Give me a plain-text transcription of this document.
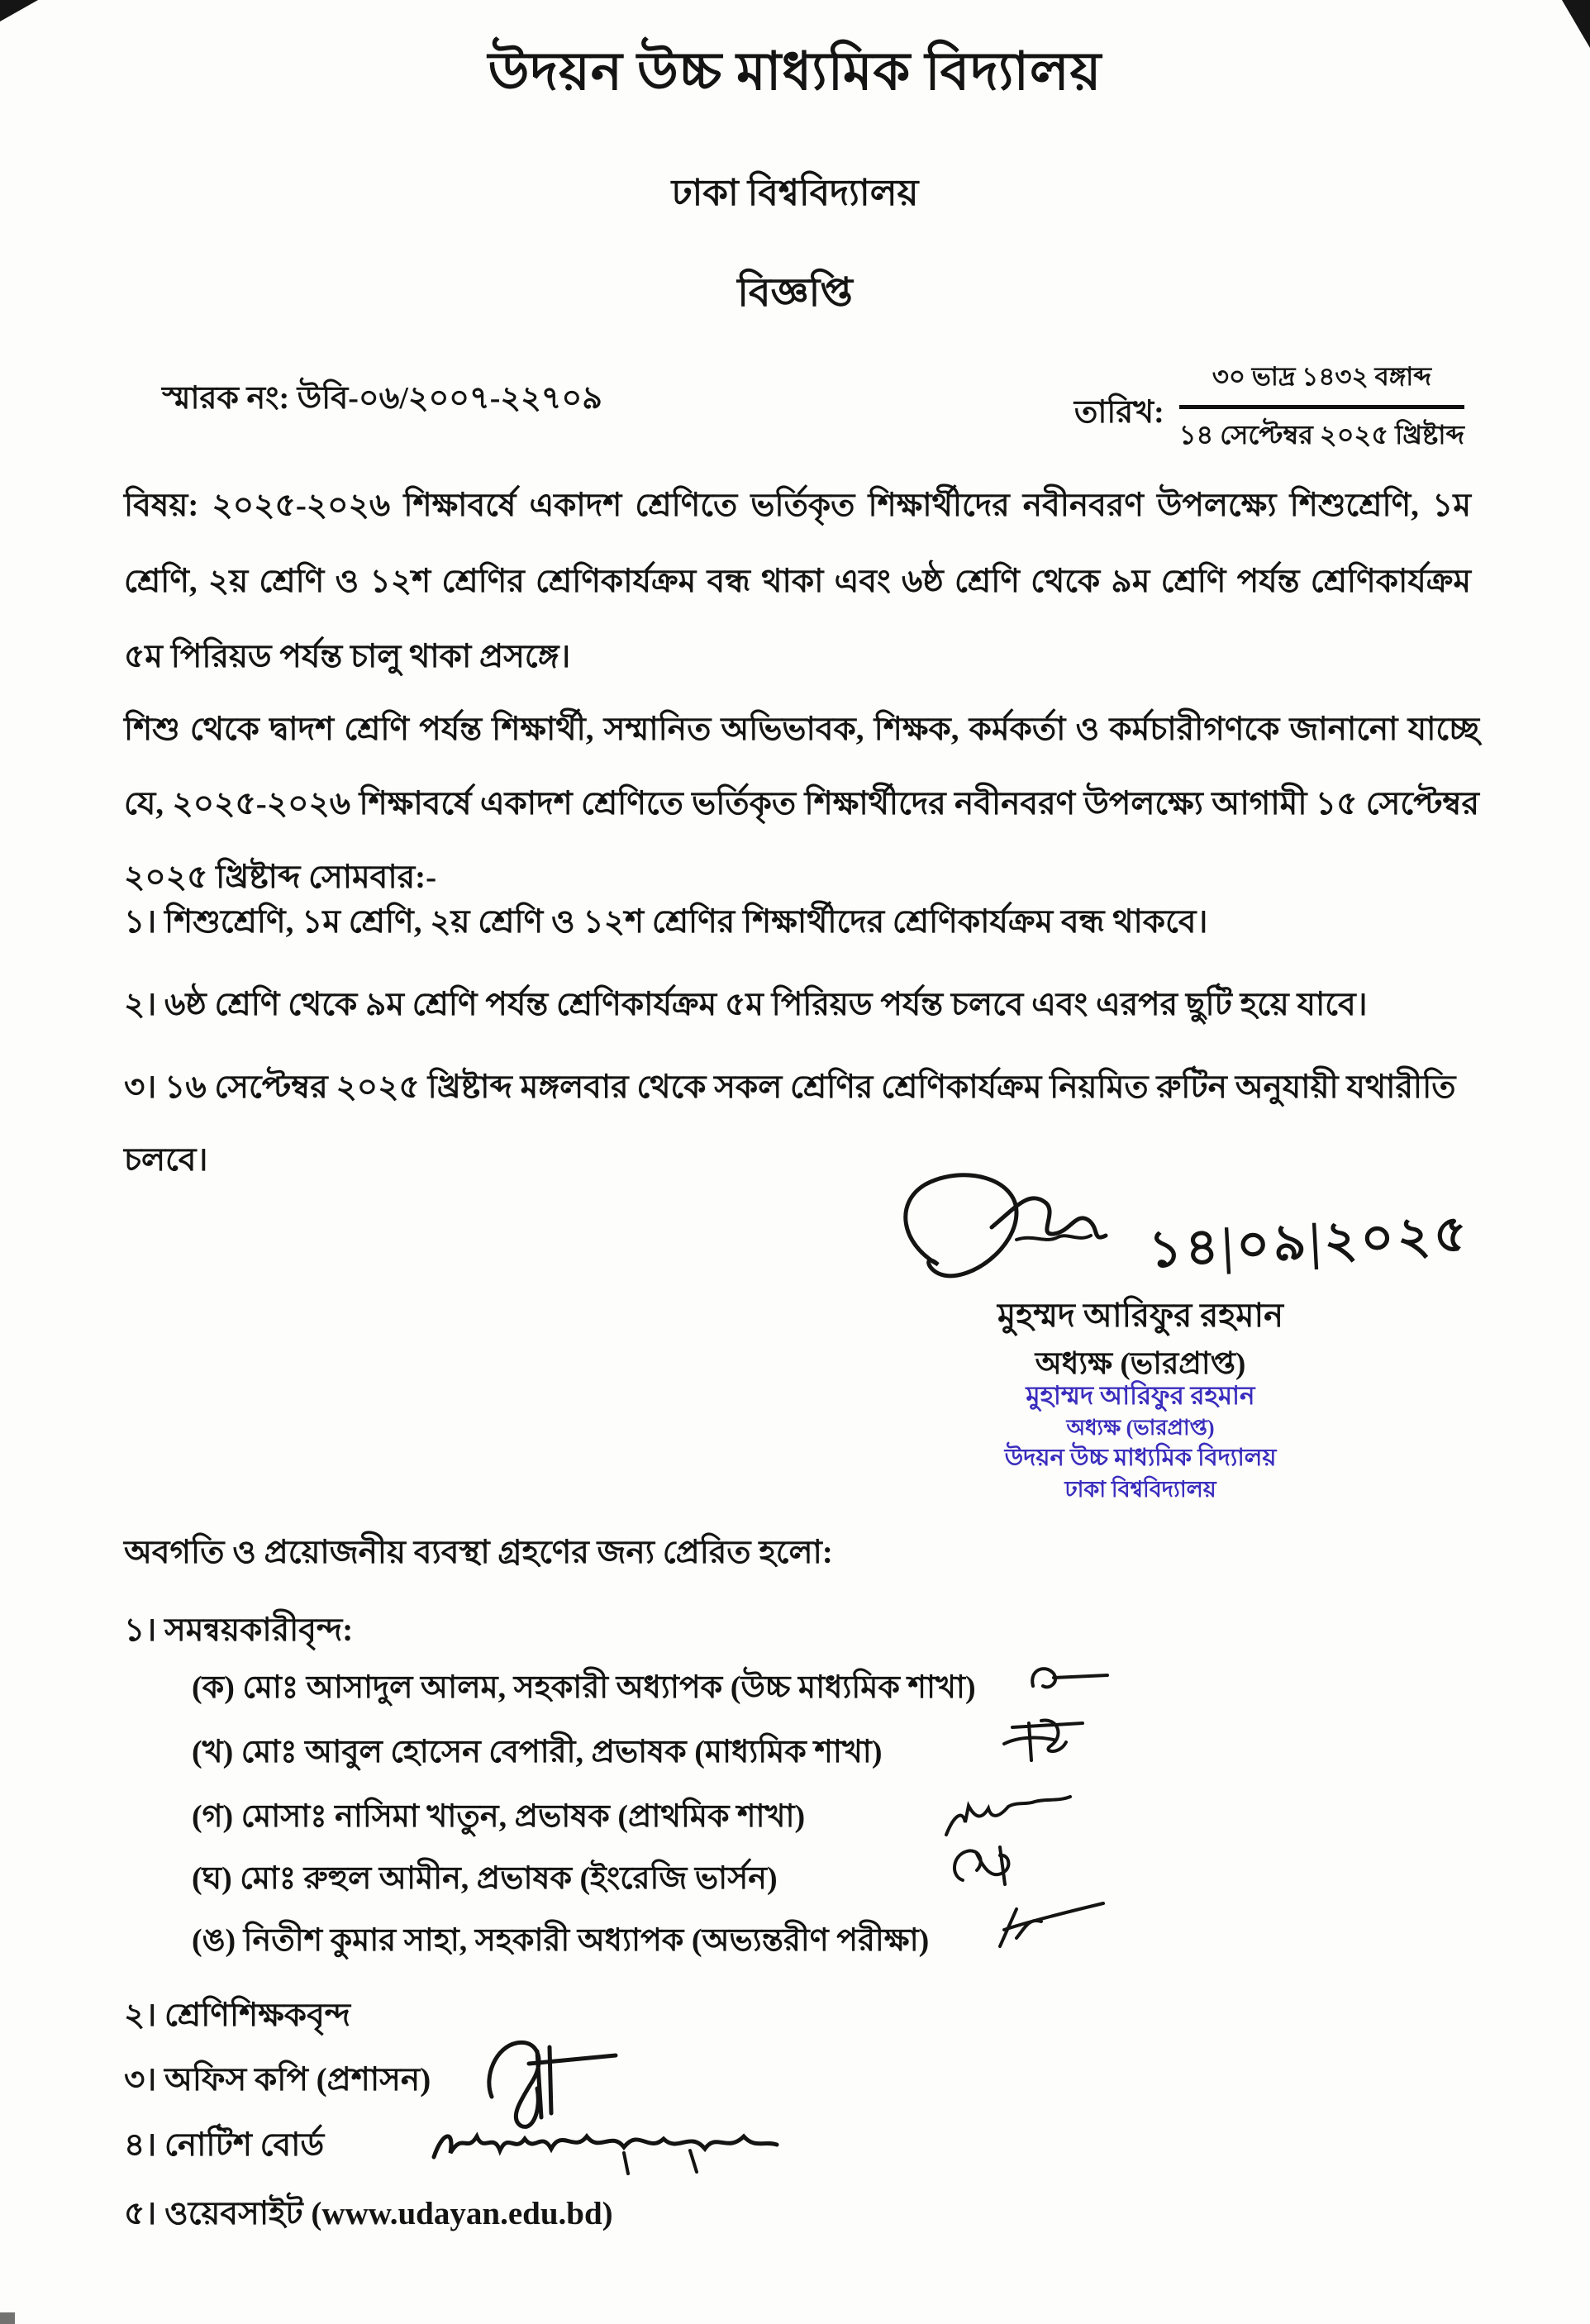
উদয়ন উচ্চ মাধ্যমিক বিদ্যালয়
ঢাকা বিশ্ববিদ্যালয়
বিজ্ঞপ্তি
স্মারক নং: উবি-০৬/২০০৭-২২৭০৯	তারিখ:
৩০ ভাদ্র ১৪৩২ বঙ্গাব্দ
১৪ সেপ্টেম্বর ২০২৫ খ্রিষ্টাব্দ
বিষয়: ২০২৫-২০২৬ শিক্ষাবর্ষে একাদশ শ্রেণিতে ভর্তিকৃত শিক্ষার্থীদের নবীনবরণ উপলক্ষ্যে শিশুশ্রেণি, ১ম শ্রেণি, ২য় শ্রেণি ও ১২শ শ্রেণির শ্রেণিকার্যক্রম বন্ধ থাকা এবং ৬ষ্ঠ শ্রেণি থেকে ৯ম শ্রেণি পর্যন্ত শ্রেণিকার্যক্রম ৫ম পিরিয়ড পর্যন্ত চালু থাকা প্রসঙ্গে।
শিশু থেকে দ্বাদশ শ্রেণি পর্যন্ত শিক্ষার্থী, সম্মানিত অভিভাবক, শিক্ষক, কর্মকর্তা ও কর্মচারীগণকে জানানো যাচ্ছে যে, ২০২৫-২০২৬ শিক্ষাবর্ষে একাদশ শ্রেণিতে ভর্তিকৃত শিক্ষার্থীদের নবীনবরণ উপলক্ষ্যে আগামী ১৫ সেপ্টেম্বর ২০২৫ খ্রিষ্টাব্দ সোমবার:-
১। শিশুশ্রেণি, ১ম শ্রেণি, ২য় শ্রেণি ও ১২শ শ্রেণির শিক্ষার্থীদের শ্রেণিকার্যক্রম বন্ধ থাকবে।
২। ৬ষ্ঠ শ্রেণি থেকে ৯ম শ্রেণি পর্যন্ত শ্রেণিকার্যক্রম ৫ম পিরিয়ড পর্যন্ত চলবে এবং এরপর ছুটি হয়ে যাবে।
৩। ১৬ সেপ্টেম্বর ২০২৫ খ্রিষ্টাব্দ মঙ্গলবার থেকে সকল শ্রেণির শ্রেণিকার্যক্রম নিয়মিত রুটিন অনুযায়ী যথারীতি চলবে।
১৪|০৯|২০২৫
মুহম্মদ আরিফুর রহমান
অধ্যক্ষ (ভারপ্রাপ্ত)
মুহাম্মদ আরিফুর রহমান
অধ্যক্ষ (ভারপ্রাপ্ত)
উদয়ন উচ্চ মাধ্যমিক বিদ্যালয়
ঢাকা বিশ্ববিদ্যালয়
অবগতি ও প্রয়োজনীয় ব্যবস্থা গ্রহণের জন্য প্রেরিত হলো:
১। সমন্বয়কারীবৃন্দ:
(ক) মোঃ আসাদুল আলম, সহকারী অধ্যাপক (উচ্চ মাধ্যমিক শাখা)
(খ) মোঃ আবুল হোসেন বেপারী, প্রভাষক (মাধ্যমিক শাখা)
(গ) মোসাঃ নাসিমা খাতুন, প্রভাষক (প্রাথমিক শাখা)
(ঘ) মোঃ রুহুল আমীন, প্রভাষক (ইংরেজি ভার্সন)
(ঙ) নিতীশ কুমার সাহা, সহকারী অধ্যাপক (অভ্যন্তরীণ পরীক্ষা)
২। শ্রেণিশিক্ষকবৃন্দ
৩। অফিস কপি (প্রশাসন)
৪। নোটিশ বোর্ড
৫। ওয়েবসাইট (www.udayan.edu.bd)
